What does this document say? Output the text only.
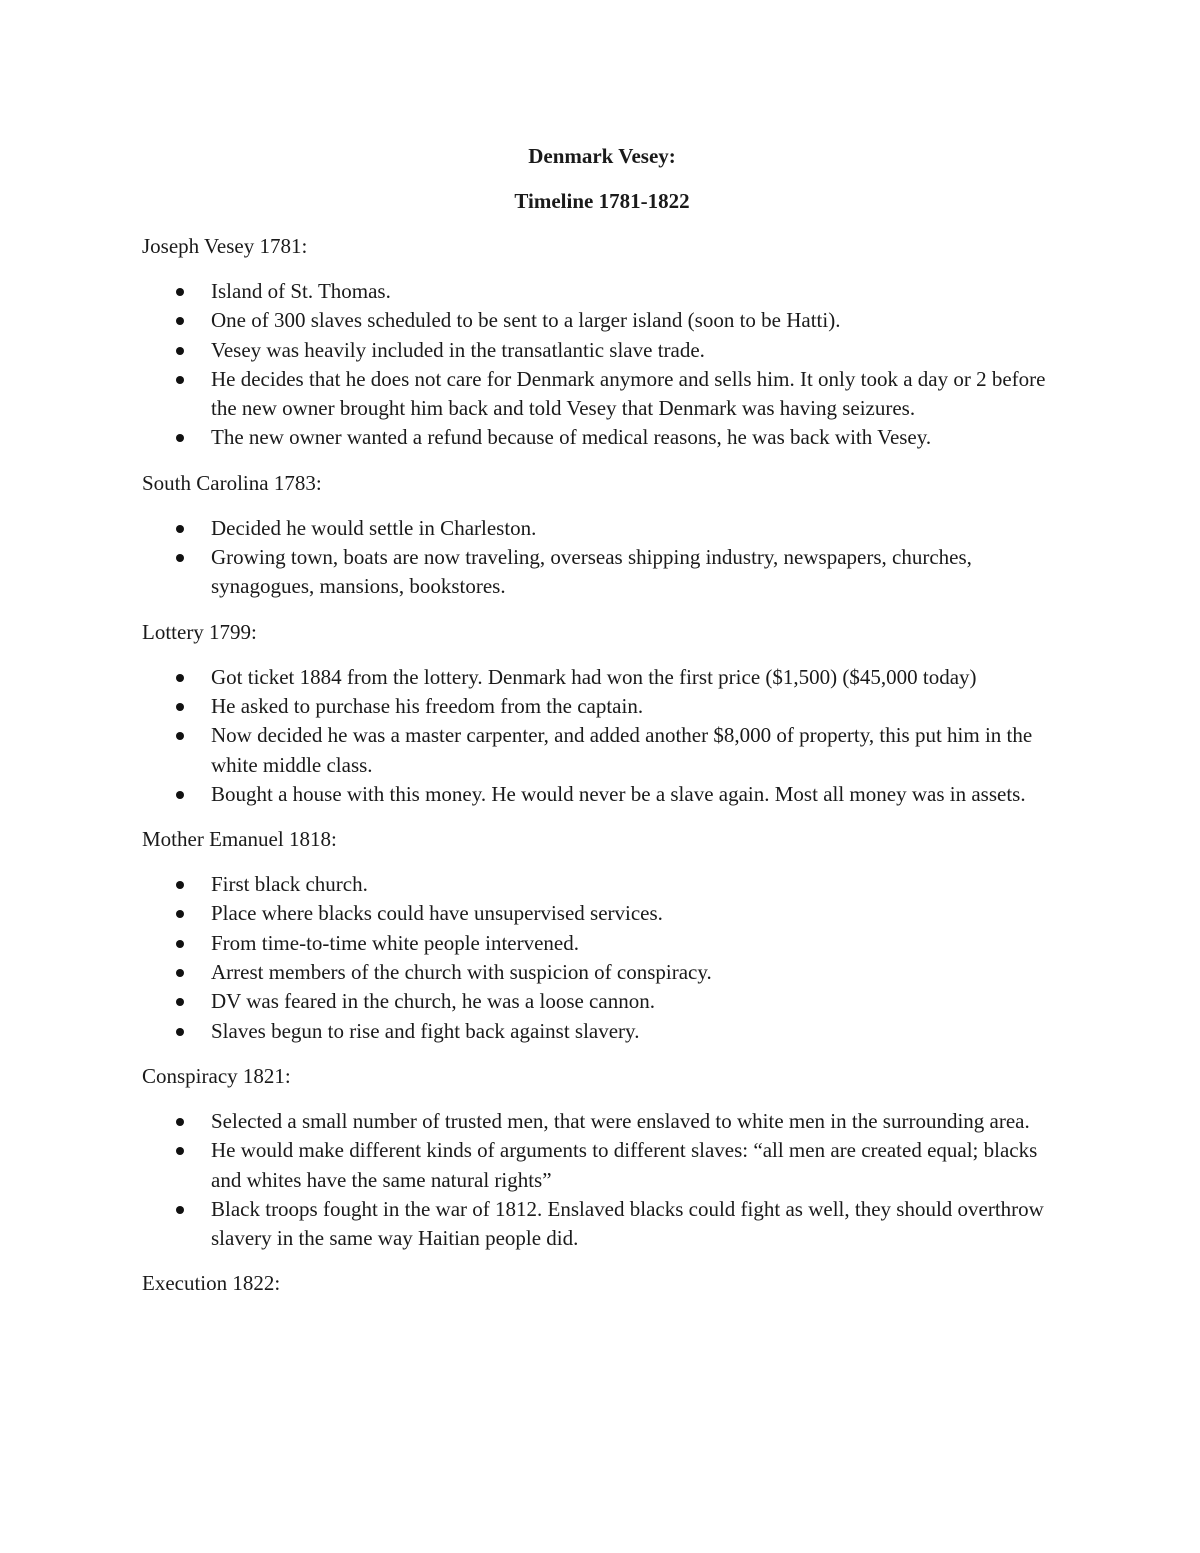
Denmark Vesey:

Timeline 1781-1822

Joseph Vesey 1781:

Island of St. Thomas.
One of 300 slaves scheduled to be sent to a larger island (soon to be Hatti).
Vesey was heavily included in the transatlantic slave trade.
He decides that he does not care for Denmark anymore and sells him. It only took a day or 2 before the new owner brought him back and told Vesey that Denmark was having seizures.
The new owner wanted a refund because of medical reasons, he was back with Vesey.

South Carolina 1783:

Decided he would settle in Charleston.
Growing town, boats are now traveling, overseas shipping industry, newspapers, churches, synagogues, mansions, bookstores.

Lottery 1799:

Got ticket 1884 from the lottery. Denmark had won the first price ($1,500) ($45,000 today)
He asked to purchase his freedom from the captain.
Now decided he was a master carpenter, and added another $8,000 of property, this put him in the white middle class.
Bought a house with this money. He would never be a slave again. Most all money was in assets.

Mother Emanuel 1818:

First black church.
Place where blacks could have unsupervised services.
From time-to-time white people intervened.
Arrest members of the church with suspicion of conspiracy.
DV was feared in the church, he was a loose cannon.
Slaves begun to rise and fight back against slavery.

Conspiracy 1821:

Selected a small number of trusted men, that were enslaved to white men in the surrounding area.
He would make different kinds of arguments to different slaves: “all men are created equal; blacks and whites have the same natural rights”
Black troops fought in the war of 1812. Enslaved blacks could fight as well, they should overthrow slavery in the same way Haitian people did.

Execution 1822:
